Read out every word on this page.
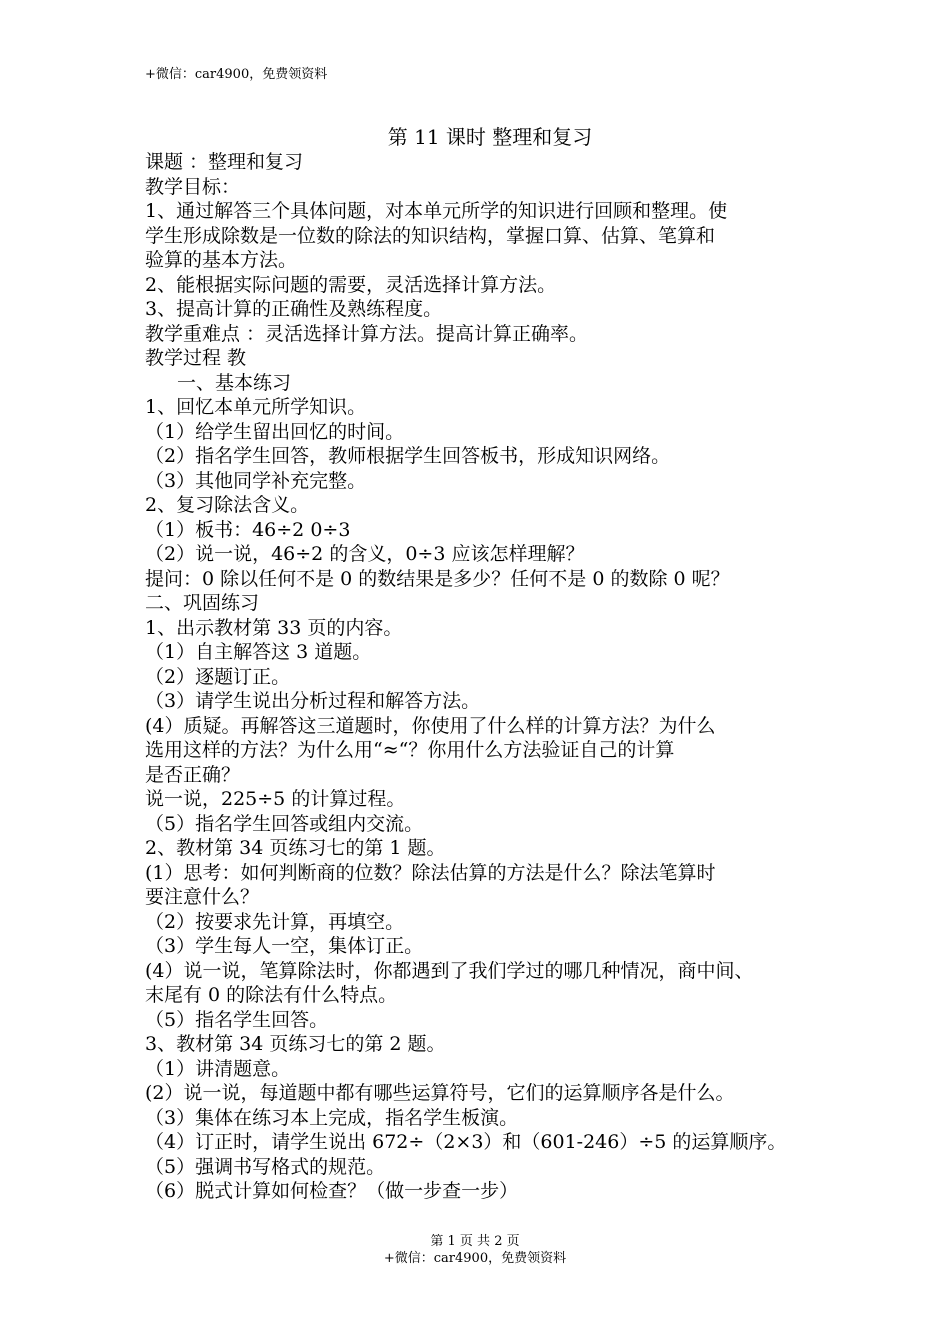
+微信：car4900，免费领资料
第 11 课时 整理和复习
课题 ：整理和复习
教学目标：
1、通过解答三个具体问题，对本单元所学的知识进行回顾和整理。使
学生形成除数是一位数的除法的知识结构，掌握口算、估算、笔算和
验算的基本方法。
2、能根据实际问题的需要，灵活选择计算方法。
3、提高计算的正确性及熟练程度。
教学重难点 ：灵活选择计算方法。提高计算正确率。
教学过程 教
一、基本练习
1、回忆本单元所学知识。
（1）给学生留出回忆的时间。
（2）指名学生回答，教师根据学生回答板书，形成知识网络。
（3）其他同学补充完整。
2、复习除法含义。
（1）板书：46÷2 0÷3
（2）说一说，46÷2 的含义，0÷3 应该怎样理解？
提问：0 除以任何不是 0 的数结果是多少？任何不是 0 的数除 0 呢？
二、巩固练习
1、出示教材第 33 页的内容。
（1）自主解答这 3 道题。
（2）逐题订正。
（3）请学生说出分析过程和解答方法。
(4）质疑。再解答这三道题时，你使用了什么样的计算方法？为什么
选用这样的方法？为什么用“≈“？你用什么方法验证自己的计算
是否正确？
说一说，225÷5 的计算过程。
（5）指名学生回答或组内交流。
2、教材第 34 页练习七的第 1 题。
(1）思考：如何判断商的位数？除法估算的方法是什么？除法笔算时
要注意什么？
（2）按要求先计算，再填空。
（3）学生每人一空，集体订正。
(4）说一说，笔算除法时，你都遇到了我们学过的哪几种情况，商中间、
末尾有 0 的除法有什么特点。
（5）指名学生回答。
3、教材第 34 页练习七的第 2 题。
（1）讲清题意。
(2）说一说，每道题中都有哪些运算符号，它们的运算顺序各是什么。
（3）集体在练习本上完成，指名学生板演。
（4）订正时，请学生说出 672÷（2×3）和（601-246）÷5 的运算顺序。
（5）强调书写格式的规范。
（6）脱式计算如何检查？（做一步查一步）
第 1 页 共 2 页
+微信：car4900，免费领资料
